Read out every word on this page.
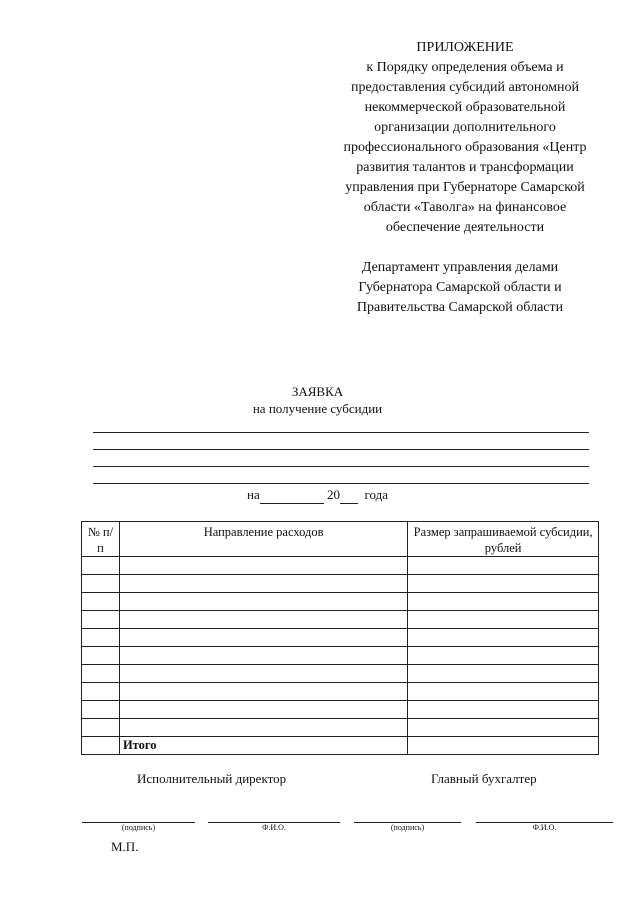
ПРИЛОЖЕНИЕ
к Порядку определения объема и
предоставления субсидий автономной
некоммерческой образовательной
организации дополнительного
профессионального образования «Центр
развития талантов и трансформации
управления при Губернаторе Самарской
области «Таволга» на финансовое
обеспечение деятельности
Департамент управления делами
Губернатора Самарской области и
Правительства Самарской области
ЗАЯВКА
на получение субсидии
на	20 года
№ п/п	Направление расходов	Размер запрашиваемой субсидии, рублей

	Итого	
Исполнительный директор	Главный бухгалтер
(подпись)	Ф.И.О.	(подпись)	Ф.И.О.
М.П.
